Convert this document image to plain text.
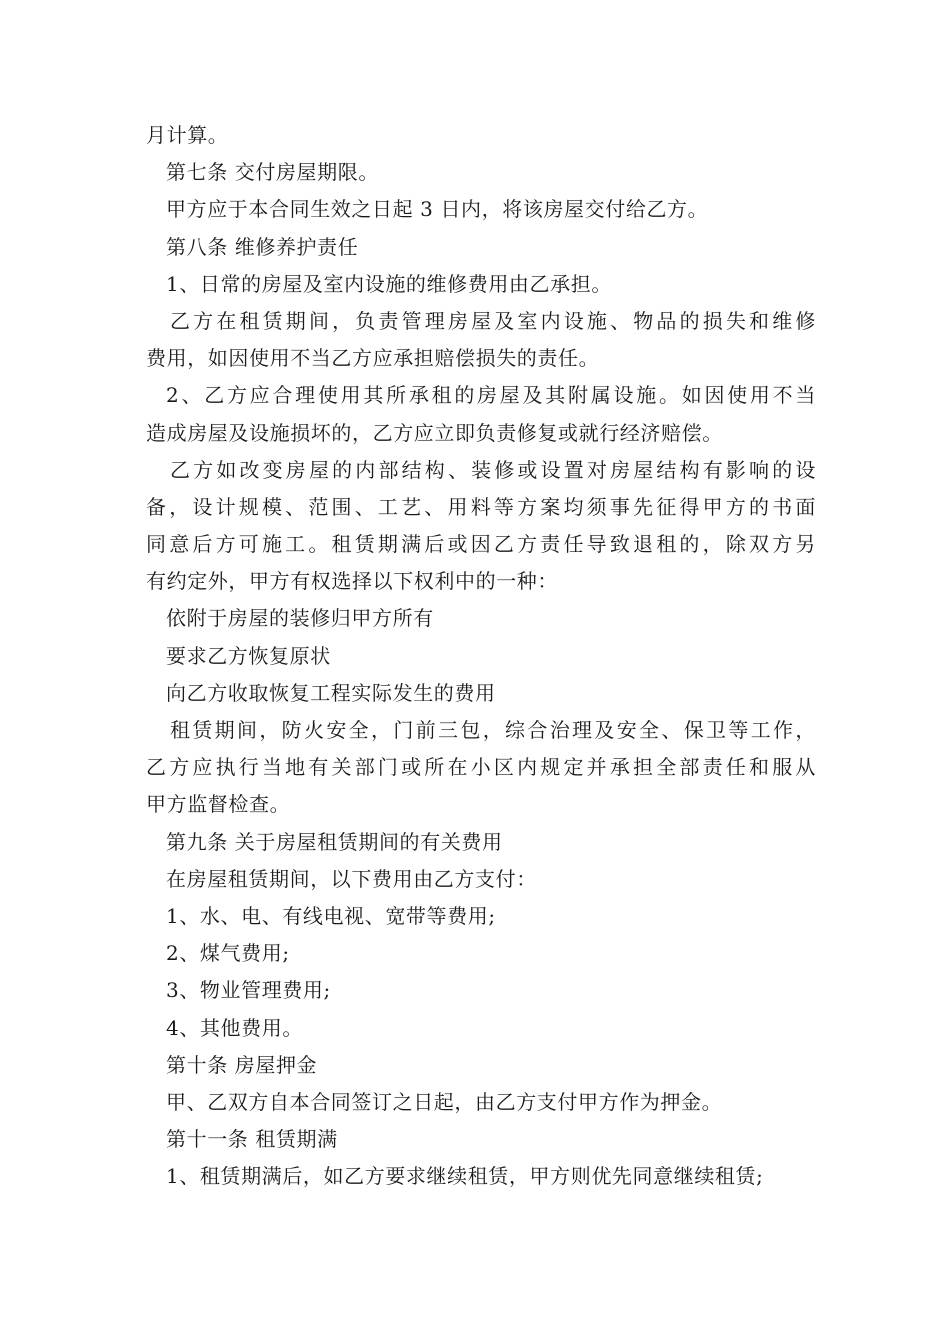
月计算。
第七条 交付房屋期限。
甲方应于本合同生效之日起 3 日内，将该房屋交付给乙方。
第八条 维修养护责任
1、日常的房屋及室内设施的维修费用由乙承担。
乙方在租赁期间，负责管理房屋及室内设施、物品的损失和维修
费用，如因使用不当乙方应承担赔偿损失的责任。
2、乙方应合理使用其所承租的房屋及其附属设施。如因使用不当
造成房屋及设施损坏的，乙方应立即负责修复或就行经济赔偿。
乙方如改变房屋的内部结构、装修或设置对房屋结构有影响的设
备，设计规模、范围、工艺、用料等方案均须事先征得甲方的书面
同意后方可施工。租赁期满后或因乙方责任导致退租的，除双方另
有约定外，甲方有权选择以下权利中的一种：
依附于房屋的装修归甲方所有
要求乙方恢复原状
向乙方收取恢复工程实际发生的费用
租赁期间，防火安全，门前三包，综合治理及安全、保卫等工作，
乙方应执行当地有关部门或所在小区内规定并承担全部责任和服从
甲方监督检查。
第九条 关于房屋租赁期间的有关费用
在房屋租赁期间，以下费用由乙方支付：
1、水、电、有线电视、宽带等费用;
2、煤气费用;
3、物业管理费用;
4、其他费用。
第十条 房屋押金
甲、乙双方自本合同签订之日起，由乙方支付甲方作为押金。
第十一条 租赁期满
1、租赁期满后，如乙方要求继续租赁，甲方则优先同意继续租赁;
